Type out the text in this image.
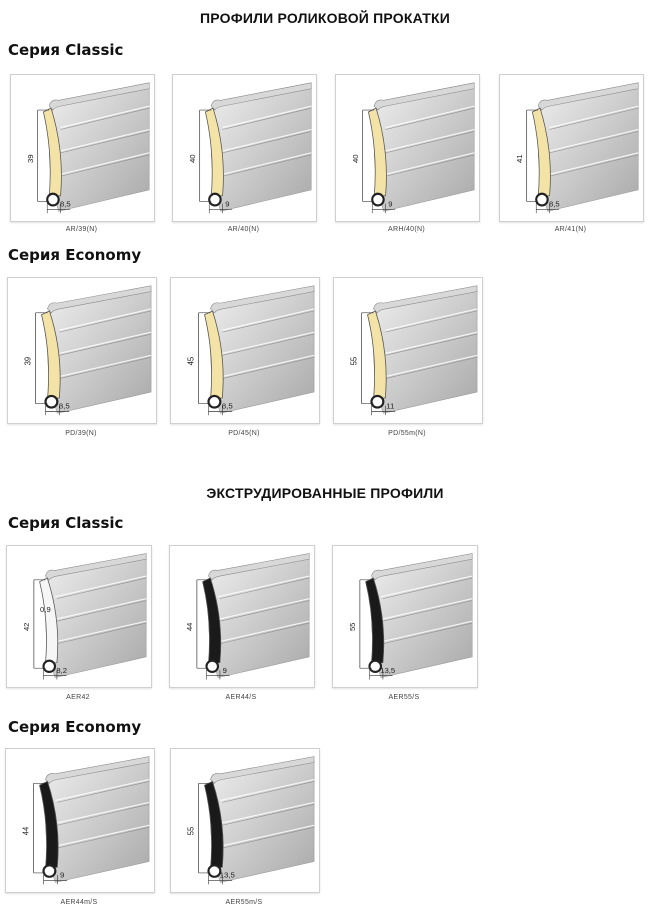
ПРОФИЛИ РОЛИКОВОЙ ПРОКАТКИ
Серия Classic
39
8,5
AR/39(N)
40
9
AR/40(N)
40
9
ARH/40(N)
41
8,5
AR/41(N)
Серия Economy
39
8,5
PD/39(N)
45
8,5
PD/45(N)
55
11
PD/55m(N)
ЭКСТРУДИРОВАННЫЕ ПРОФИЛИ
Серия Classic
42
8,2
0,9
AER42
44
9
AER44/S
55
13,5
AER55/S
Серия Economy
44
9
AER44m/S
55
13,5
AER55m/S
